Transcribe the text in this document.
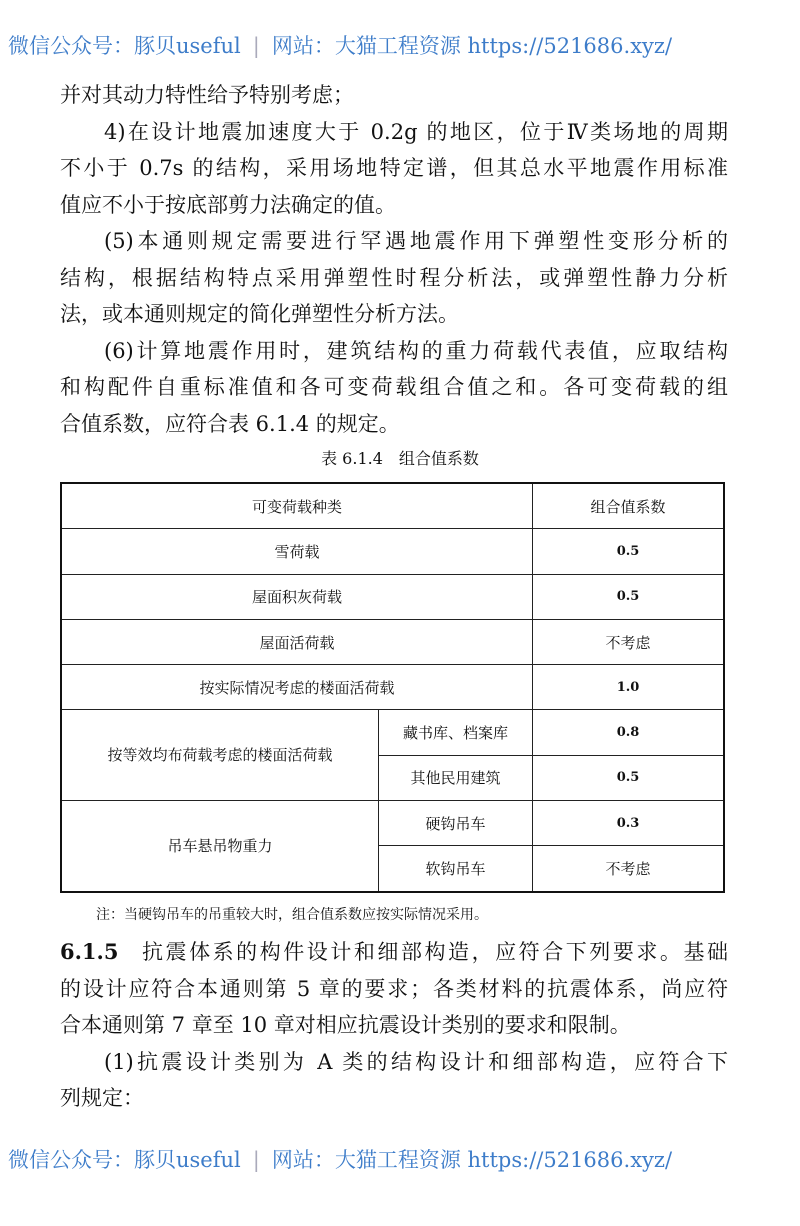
微信公众号：豚贝useful | 网站：大猫工程资源 https://521686.xyz/
并对其动力特性给予特别考虑；
4)在设计地震加速度大于 0.2g 的地区，位于Ⅳ类场地的周期
不小于 0.7s 的结构，采用场地特定谱，但其总水平地震作用标准
值应不小于按底部剪力法确定的值。
(5)本通则规定需要进行罕遇地震作用下弹塑性变形分析的
结构，根据结构特点采用弹塑性时程分析法，或弹塑性静力分析
法，或本通则规定的简化弹塑性分析方法。
(6)计算地震作用时，建筑结构的重力荷载代表值，应取结构
和构配件自重标准值和各可变荷载组合值之和。各可变荷载的组
合值系数，应符合表 6.1.4 的规定。
表 6.1.4　组合值系数
可变荷载种类		组合值系数
雪荷载		0.5
屋面积灰荷载		0.5
屋面活荷载		不考虑
按实际情况考虑的楼面活荷载		1.0
按等效均布荷载考虑的楼面活荷载	藏书库、档案库	0.8
	其他民用建筑	0.5
吊车悬吊物重力	硬钩吊车	0.3
	软钩吊车	不考虑
注：当硬钩吊车的吊重较大时，组合值系数应按实际情况采用。
6.1.5  抗震体系的构件设计和细部构造，应符合下列要求。基础
的设计应符合本通则第 5 章的要求；各类材料的抗震体系，尚应符
合本通则第 7 章至 10 章对相应抗震设计类别的要求和限制。
(1)抗震设计类别为 A 类的结构设计和细部构造，应符合下
列规定：
微信公众号：豚贝useful | 网站：大猫工程资源 https://521686.xyz/
